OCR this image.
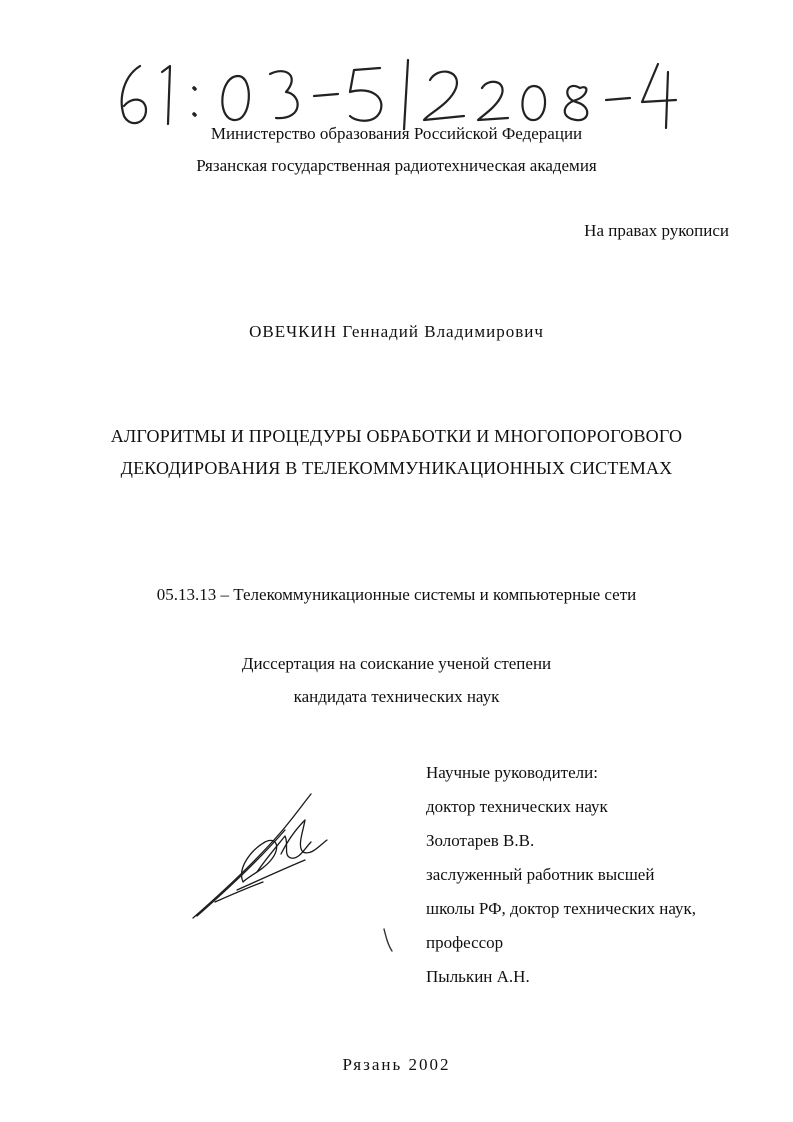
Министерство образования Российской Федерации
Рязанская государственная радиотехническая академия
На правах рукописи
ОВЕЧКИН Геннадий Владимирович
АЛГОРИТМЫ И ПРОЦЕДУРЫ ОБРАБОТКИ И МНОГОПОРОГОВОГО
ДЕКОДИРОВАНИЯ В ТЕЛЕКОММУНИКАЦИОННЫХ СИСТЕМАХ
05.13.13 – Телекоммуникационные системы и компьютерные сети
Диссертация на соискание ученой степени
кандидата технических наук
Научные руководители:
доктор технических наук
Золотарев В.В.
заслуженный работник высшей
школы РФ, доктор технических наук,
профессор
Пылькин А.Н.
Рязань 2002
